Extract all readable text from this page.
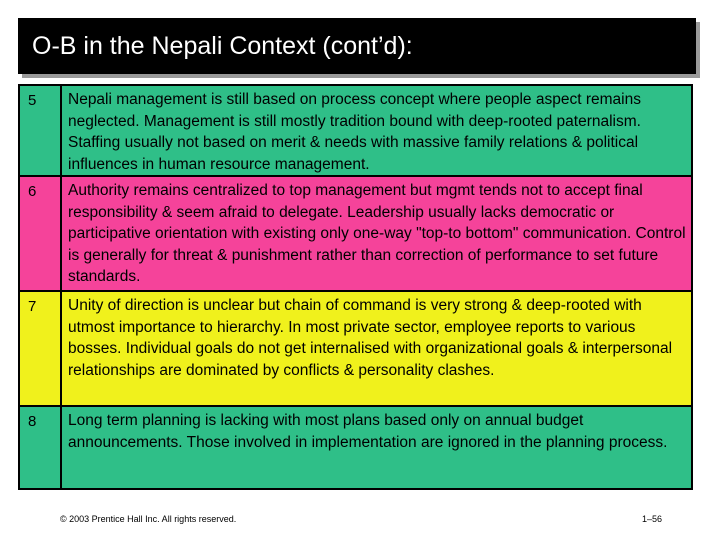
O-B in the Nepali Context (cont’d):
5	Nepali management is still based on process concept where people aspect remains neglected. Management is still mostly tradition bound with deep-rooted paternalism. Staffing usually not based on merit & needs with massive family relations & political influences in human resource management.
6	Authority remains centralized to top management but mgmt tends not to accept final responsibility & seem afraid to delegate. Leadership usually lacks democratic or participative orientation with existing only one-way "top-to bottom" communication. Control is generally for threat & punishment rather than correction of performance to set future standards.
7	Unity of direction is unclear but chain of command is very strong & deep-rooted with utmost importance to hierarchy. In most private sector, employee reports to various bosses. Individual goals do not get internalised with organizational goals & interpersonal relationships are dominated by conflicts & personality clashes.
8	Long term planning is lacking with most plans based only on annual budget announcements. Those involved in implementation are ignored in the planning process.
© 2003 Prentice Hall Inc. All rights reserved.	1–56
